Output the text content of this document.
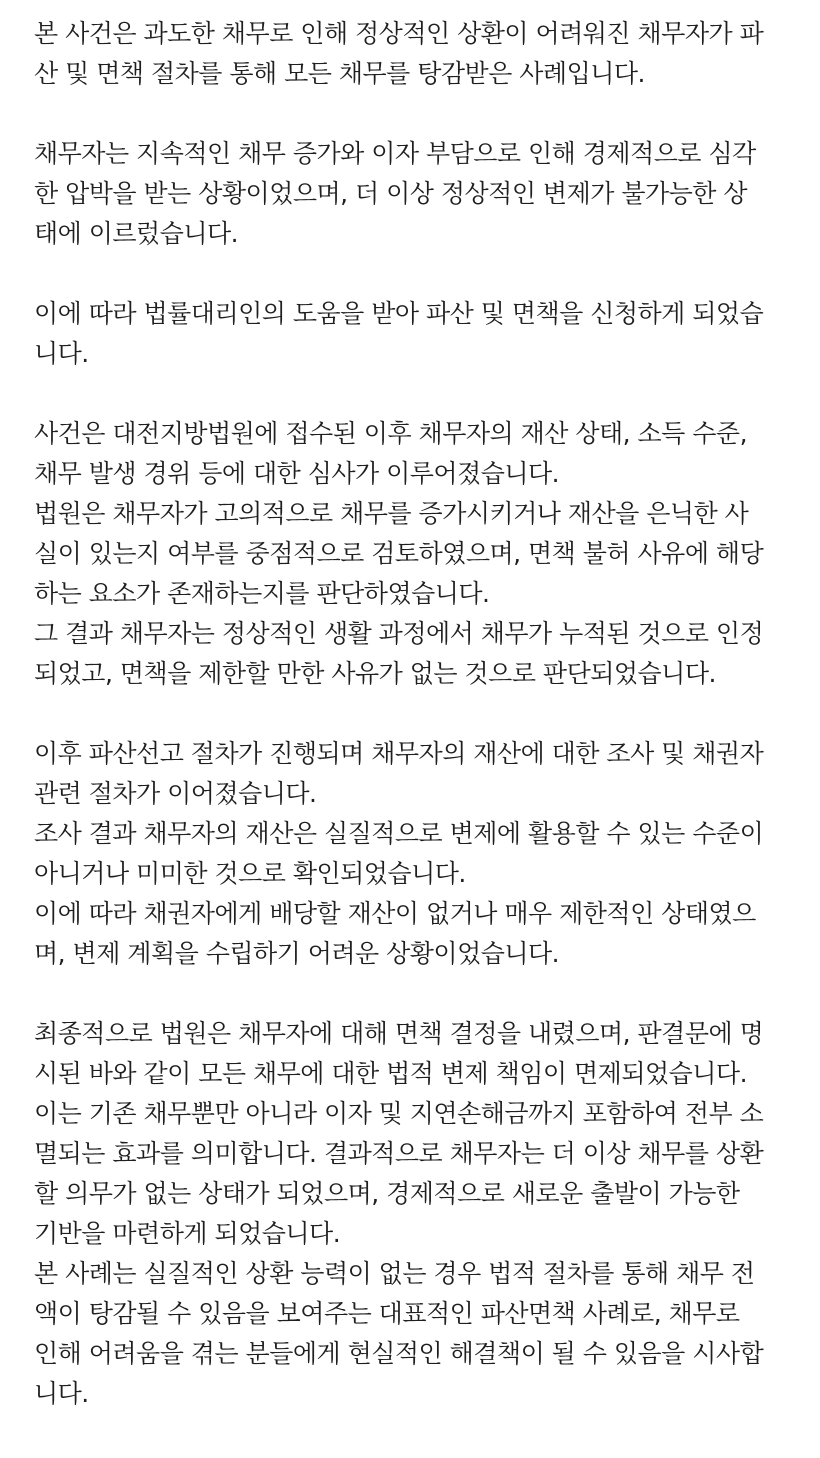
본 사건은 과도한 채무로 인해 정상적인 상환이 어려워진 채무자가 파
산 및 면책 절차를 통해 모든 채무를 탕감받은 사례입니다.

채무자는 지속적인 채무 증가와 이자 부담으로 인해 경제적으로 심각
한 압박을 받는 상황이었으며, 더 이상 정상적인 변제가 불가능한 상
태에 이르렀습니다.

이에 따라 법률대리인의 도움을 받아 파산 및 면책을 신청하게 되었습
니다.

사건은 대전지방법원에 접수된 이후 채무자의 재산 상태, 소득 수준,
채무 발생 경위 등에 대한 심사가 이루어졌습니다.
법원은 채무자가 고의적으로 채무를 증가시키거나 재산을 은닉한 사
실이 있는지 여부를 중점적으로 검토하였으며, 면책 불허 사유에 해당
하는 요소가 존재하는지를 판단하였습니다.
그 결과 채무자는 정상적인 생활 과정에서 채무가 누적된 것으로 인정
되었고, 면책을 제한할 만한 사유가 없는 것으로 판단되었습니다.

이후 파산선고 절차가 진행되며 채무자의 재산에 대한 조사 및 채권자
관련 절차가 이어졌습니다.
조사 결과 채무자의 재산은 실질적으로 변제에 활용할 수 있는 수준이
아니거나 미미한 것으로 확인되었습니다.
이에 따라 채권자에게 배당할 재산이 없거나 매우 제한적인 상태였으
며, 변제 계획을 수립하기 어려운 상황이었습니다.

최종적으로 법원은 채무자에 대해 면책 결정을 내렸으며, 판결문에 명
시된 바와 같이 모든 채무에 대한 법적 변제 책임이 면제되었습니다.
이는 기존 채무뿐만 아니라 이자 및 지연손해금까지 포함하여 전부 소
멸되는 효과를 의미합니다. 결과적으로 채무자는 더 이상 채무를 상환
할 의무가 없는 상태가 되었으며, 경제적으로 새로운 출발이 가능한
기반을 마련하게 되었습니다.
본 사례는 실질적인 상환 능력이 없는 경우 법적 절차를 통해 채무 전
액이 탕감될 수 있음을 보여주는 대표적인 파산면책 사례로, 채무로
인해 어려움을 겪는 분들에게 현실적인 해결책이 될 수 있음을 시사합
니다.
